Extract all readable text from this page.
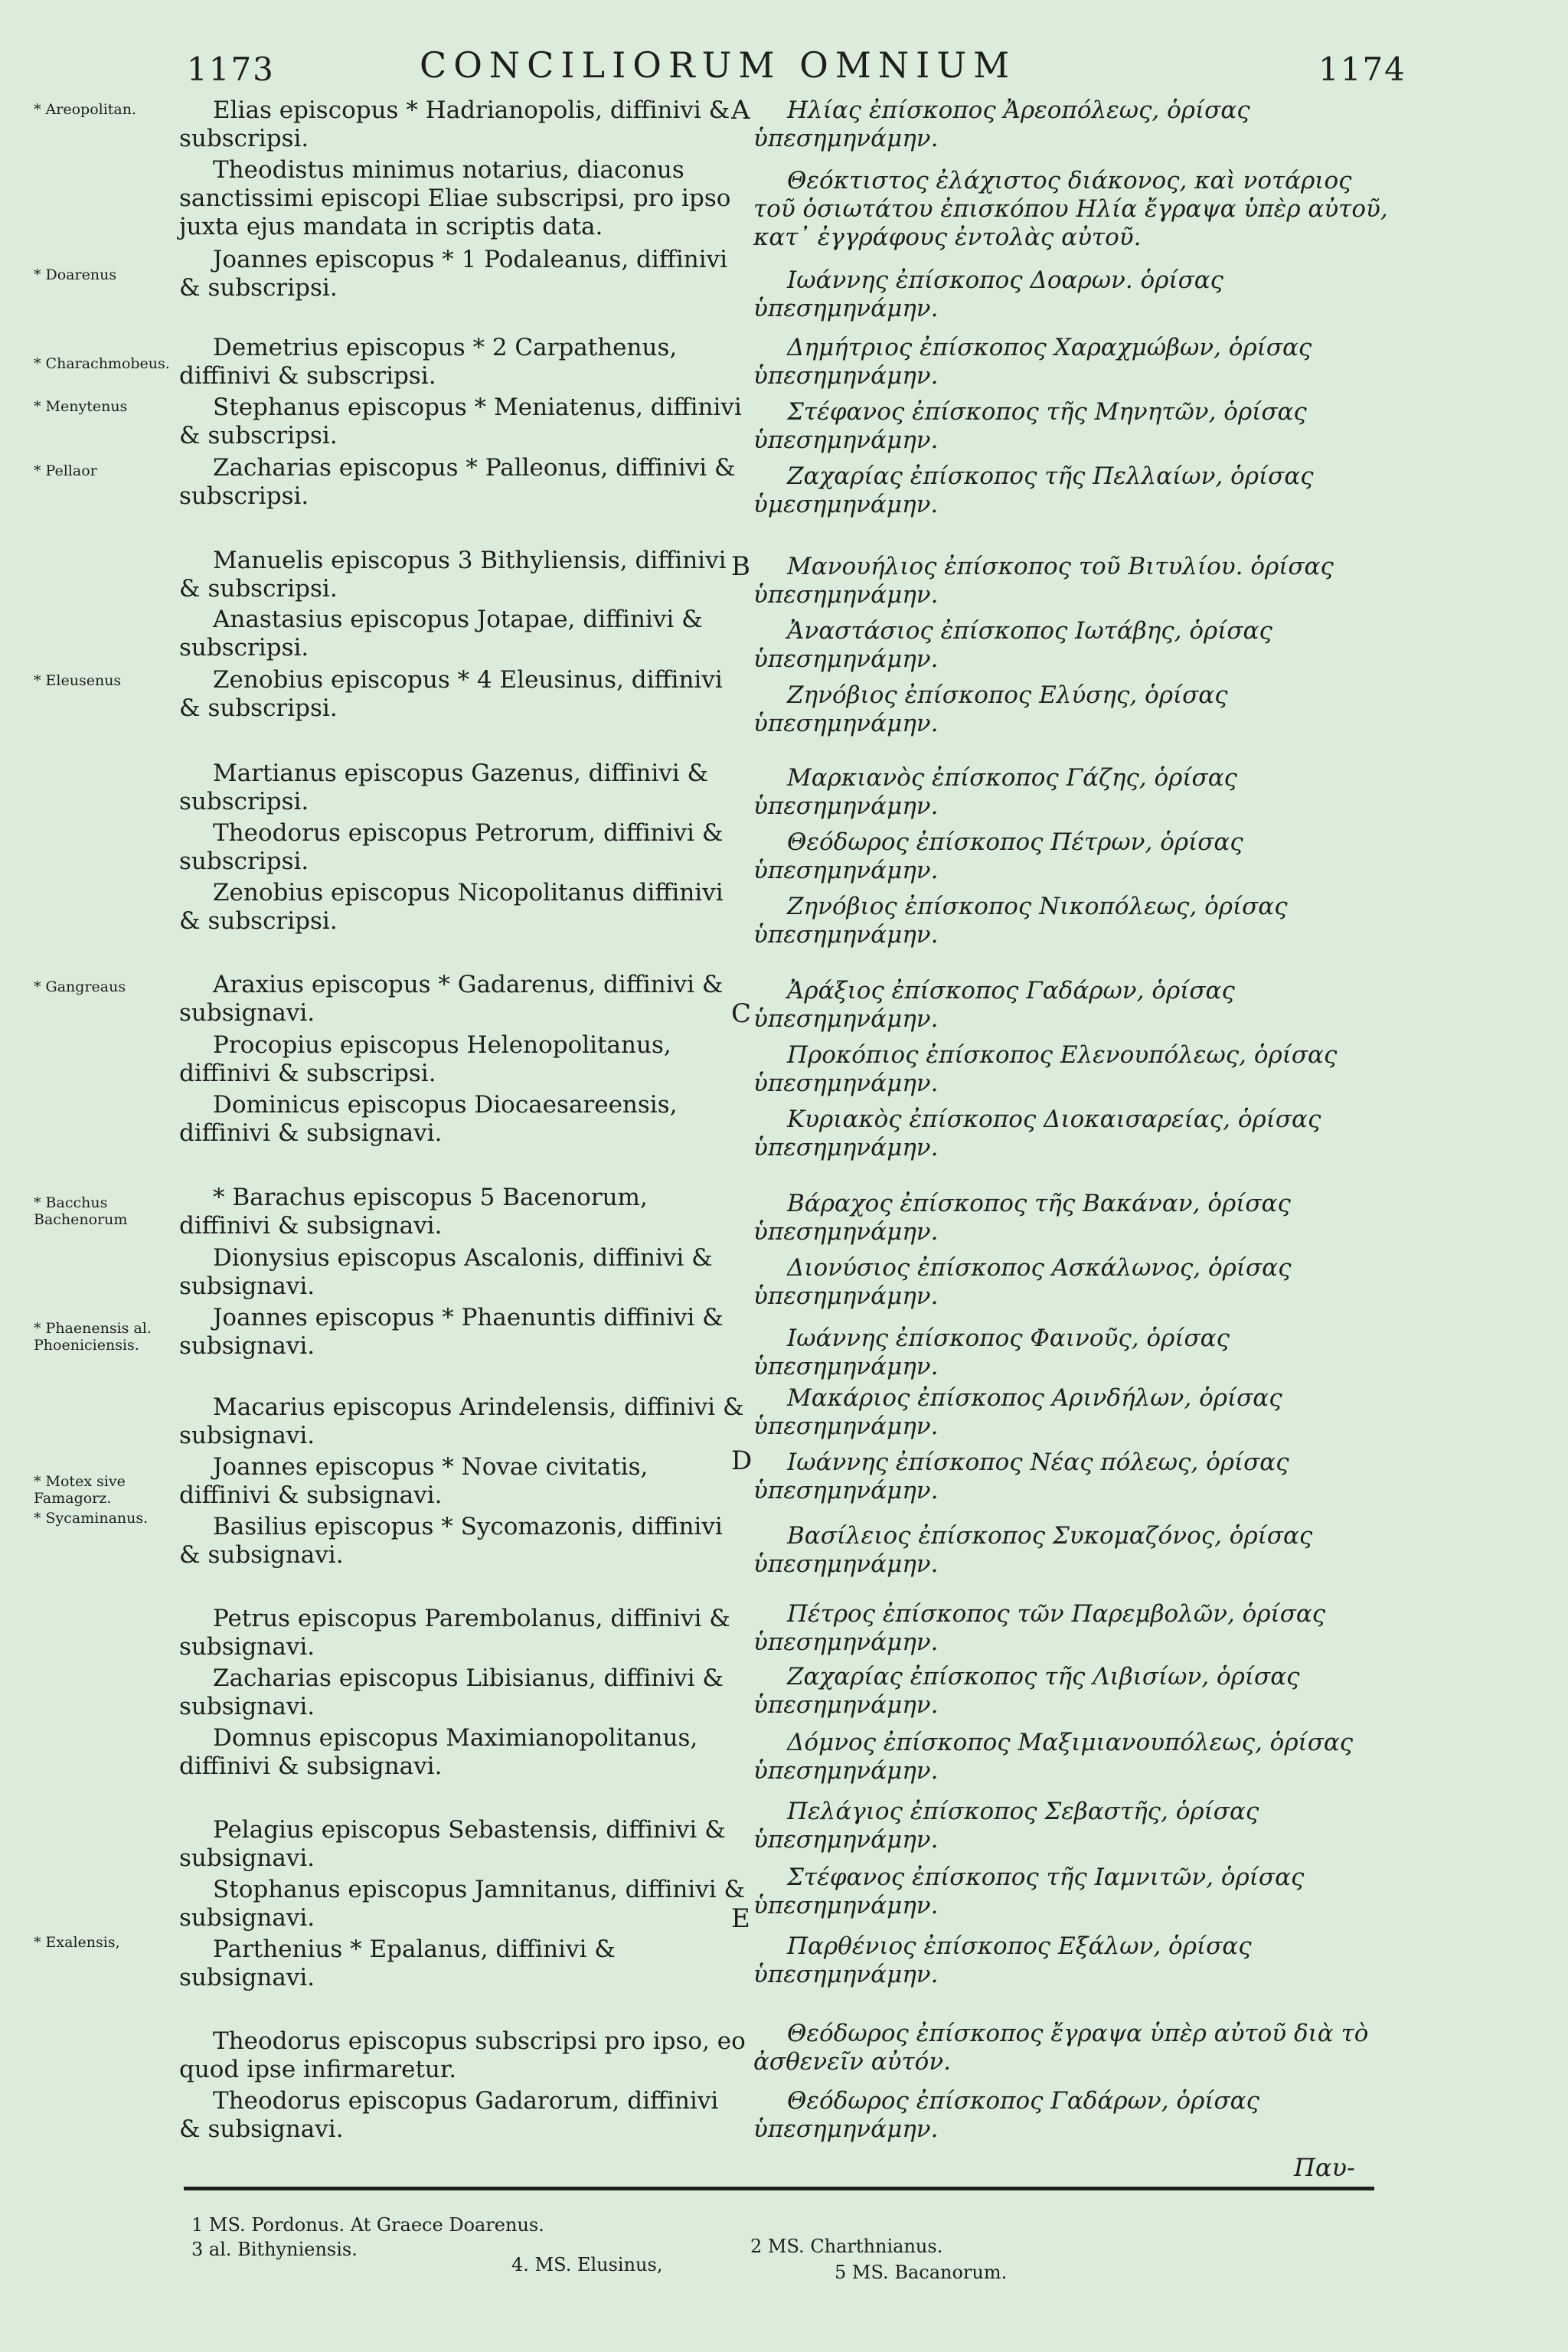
1173	CONCILIORUM OMNIUM	1174
* Areopolitan.
* Doarenus
* Charachmobeus.
* Menytenus
* Pellaor
* Eleusenus
* Gangreaus
* Bacchus Bachenorum
* Phaenensis al. Phoeniciensis.
* Motex sive Famagorz.
* Sycaminanus.
* Exalensis,
A
B
C
D
E
Elias episcopus * Hadrianopolis, diffinivi & subscripsi.
Theodistus minimus notarius, diaconus sanctissimi episcopi Eliae subscripsi, pro ipso juxta ejus mandata in scriptis data.
Joannes episcopus * 1 Podaleanus, diffinivi & subscripsi.
Demetrius episcopus * 2 Carpathenus, diffinivi & subscripsi.
Stephanus episcopus * Meniatenus, diffinivi & subscripsi.
Zacharias episcopus * Palleonus, diffinivi & subscripsi.
Manuelis episcopus 3 Bithyliensis, diffinivi & subscripsi.
Anastasius episcopus Jotapae, diffinivi & subscripsi.
Zenobius episcopus * 4 Eleusinus, diffinivi & subscripsi.
Martianus episcopus Gazenus, diffinivi & subscripsi.
Theodorus episcopus Petrorum, diffinivi & subscripsi.
Zenobius episcopus Nicopolitanus diffinivi & subscripsi.
Araxius episcopus * Gadarenus, diffinivi & subsignavi.
Procopius episcopus Helenopolitanus, diffinivi & subscripsi.
Dominicus episcopus Diocaesareensis, diffinivi & subsignavi.
* Barachus episcopus 5 Bacenorum, diffinivi & subsignavi.
Dionysius episcopus Ascalonis, diffinivi & subsignavi.
Joannes episcopus * Phaenuntis diffinivi & subsignavi.
Macarius episcopus Arindelensis, diffinivi & subsignavi.
Joannes episcopus * Novae civitatis, diffinivi & subsignavi.
Basilius episcopus * Sycomazonis, diffinivi & subsignavi.
Petrus episcopus Parembolanus, diffinivi & subsignavi.
Zacharias episcopus Libisianus, diffinivi & subsignavi.
Domnus episcopus Maximianopolitanus, diffinivi & subsignavi.
Pelagius episcopus Sebastensis, diffinivi & subsignavi.
Stophanus episcopus Jamnitanus, diffinivi & subsignavi.
Parthenius * Epalanus, diffinivi & subsignavi.
Theodorus episcopus subscripsi pro ipso, eo quod ipse infirmaretur.
Theodorus episcopus Gadarorum, diffinivi & subsignavi.
Ηλίας ἐπίσκοπος Ἀρεοπόλεως, ὁρίσας ὑπεσημηνάμην.
Θεόκτιστος ἐλάχιστος διάκονος, καὶ νοτάριος τοῦ ὁσιωτάτου ἐπισκόπου Ηλία ἔγραψα ὑπὲρ αὐτοῦ, κατ᾽ ἐγγράφους ἐντολὰς αὐτοῦ.
Ιωάννης ἐπίσκοπος Δοαρων. ὁρίσας ὑπεσημηνάμην.
Δημήτριος ἐπίσκοπος Χαραχμώβων, ὁρίσας ὑπεσημηνάμην.
Στέφανος ἐπίσκοπος τῆς Μηνητῶν, ὁρίσας ὑπεσημηνάμην.
Ζαχαρίας ἐπίσκοπος τῆς Πελλαίων, ὁρίσας ὑμεσημηνάμην.
Μανουήλιος ἐπίσκοπος τοῦ Βιτυλίου. ὁρίσας ὑπεσημηνάμην.
Ἀναστάσιος ἐπίσκοπος Ιωτάβης, ὁρίσας ὑπεσημηνάμην.
Ζηνόβιος ἐπίσκοπος Ελύσης, ὁρίσας ὑπεσημηνάμην.
Μαρκιανὸς ἐπίσκοπος Γάζης, ὁρίσας ὑπεσημηνάμην.
Θεόδωρος ἐπίσκοπος Πέτρων, ὁρίσας ὑπεσημηνάμην.
Ζηνόβιος ἐπίσκοπος Νικοπόλεως, ὁρίσας ὑπεσημηνάμην.
Ἀράξιος ἐπίσκοπος Γαδάρων, ὁρίσας ὑπεσημηνάμην.
Προκόπιος ἐπίσκοπος Ελενουπόλεως, ὁρίσας ὑπεσημηνάμην.
Κυριακὸς ἐπίσκοπος Διοκαισαρείας, ὁρίσας ὑπεσημηνάμην.
Βάραχος ἐπίσκοπος τῆς Βακάναν, ὁρίσας ὑπεσημηνάμην.
Διονύσιος ἐπίσκοπος Ασκάλωνος, ὁρίσας ὑπεσημηνάμην.
Ιωάννης ἐπίσκοπος Φαινοῦς, ὁρίσας ὑπεσημηνάμην.
Μακάριος ἐπίσκοπος Αρινδήλων, ὁρίσας ὑπεσημηνάμην.
Ιωάννης ἐπίσκοπος Νέας πόλεως, ὁρίσας ὑπεσημηνάμην.
Βασίλειος ἐπίσκοπος Συκομαζόνος, ὁρίσας ὑπεσημηνάμην.
Πέτρος ἐπίσκοπος τῶν Παρεμβολῶν, ὁρίσας ὑπεσημηνάμην.
Ζαχαρίας ἐπίσκοπος τῆς Λιβισίων, ὁρίσας ὑπεσημηνάμην.
Δόμνος ἐπίσκοπος Μαξιμιανουπόλεως, ὁρίσας ὑπεσημηνάμην.
Πελάγιος ἐπίσκοπος Σεβαστῆς, ὁρίσας ὑπεσημηνάμην.
Στέφανος ἐπίσκοπος τῆς Ιαμνιτῶν, ὁρίσας ὑπεσημηνάμην.
Παρθένιος ἐπίσκοπος Εξάλων, ὁρίσας ὑπεσημηνάμην.
Θεόδωρος ἐπίσκοπος ἔγραψα ὑπὲρ αὐτοῦ διὰ τὸ ἀσθενεῖν αὐτόν.
Θεόδωρος ἐπίσκοπος Γαδάρων, ὁρίσας ὑπεσημηνάμην.
Παυ-
1 MS. Pordonus. At Graece Doarenus.
2 MS. Charthnianus.
3 al. Bithyniensis.
4. MS. Elusinus,	5 MS. Bacanorum.
